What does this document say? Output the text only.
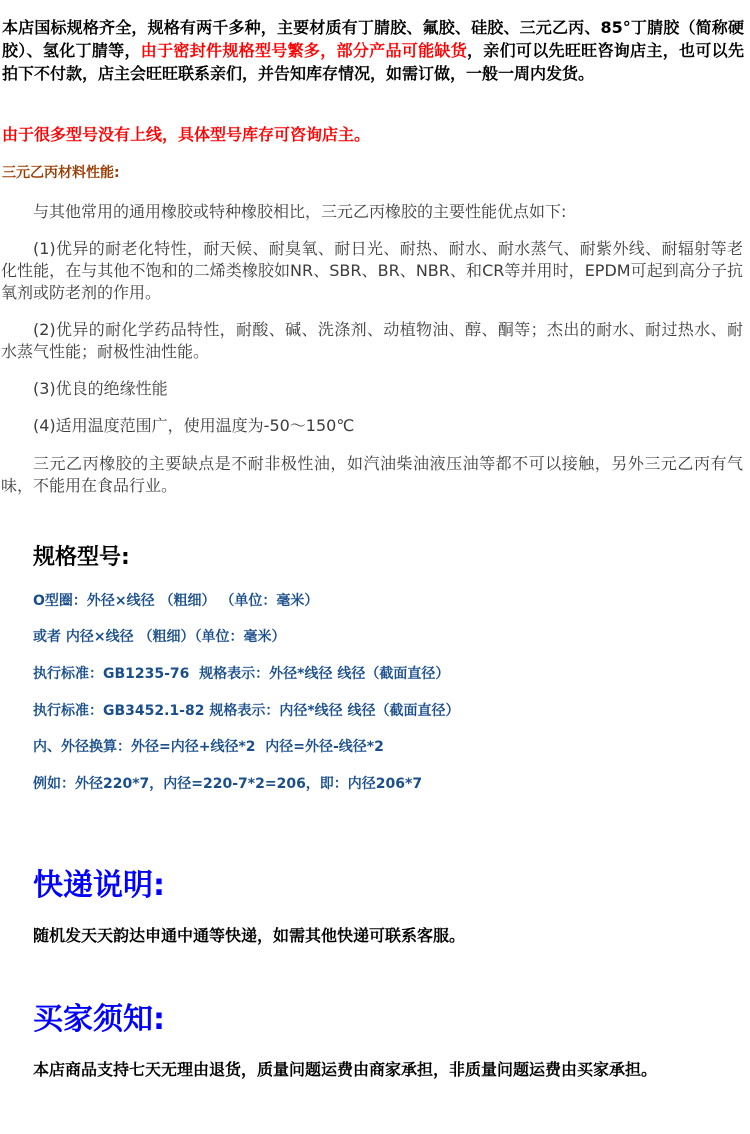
本店国标规格齐全，规格有两千多种，主要材质有丁腈胶、氟胶、硅胶、三元乙丙、85°丁腈胶（简称硬胶）、氢化丁腈等，由于密封件规格型号繁多，部分产品可能缺货，亲们可以先旺旺咨询店主，也可以先拍下不付款，店主会旺旺联系亲们，并告知库存情况，如需订做，一般一周内发货。
由于很多型号没有上线，具体型号库存可咨询店主。
三元乙丙材料性能:
与其他常用的通用橡胶或特种橡胶相比，三元乙丙橡胶的主要性能优点如下:
(1)优异的耐老化特性，耐天候、耐臭氧、耐日光、耐热、耐水、耐水蒸气、耐紫外线、耐辐射等老化性能，在与其他不饱和的二烯类橡胶如NR、SBR、BR、NBR、和CR等并用时，EPDM可起到高分子抗氧剂或防老剂的作用。
(2)优异的耐化学药品特性，耐酸、碱、洗涤剂、动植物油、醇、酮等；杰出的耐水、耐过热水、耐水蒸气性能；耐极性油性能。
(3)优良的绝缘性能
(4)适用温度范围广，使用温度为-50～150℃
三元乙丙橡胶的主要缺点是不耐非极性油，如汽油柴油液压油等都不可以接触，另外三元乙丙有气味，不能用在食品行业。
规格型号:
O型圈：外径×线径 （粗细） （单位：毫米）
或者 内径×线径 （粗细）（单位：毫米）
执行标准：GB1235-76  规格表示：外径*线径 线径（截面直径）
执行标准：GB3452.1-82 规格表示：内径*线径 线径（截面直径）
内、外径换算：外径=内径+线径*2  内径=外径-线径*2
例如：外径220*7，内径=220-7*2=206，即：内径206*7
快递说明:
随机发天天韵达申通中通等快递，如需其他快递可联系客服。
买家须知:
本店商品支持七天无理由退货，质量问题运费由商家承担，非质量问题运费由买家承担。
